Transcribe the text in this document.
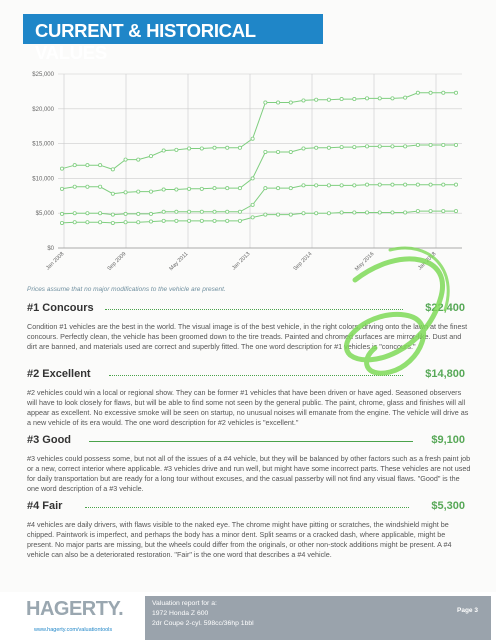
CURRENT & HISTORICAL VALUES
$0
$5,000
$10,000
$15,000
$20,000
$25,000
Jan 2008	Sep 2009	May 2011	Jan 2013	Sep 2014	May 2016	Jan 2018
Prices assume that no major modifications to the vehicle are present.
#1 Concours	$22,400
Condition #1 vehicles are the best in the world. The visual image is of the best vehicle, in the right colors, driving onto the lawn at the finest concours. Perfectly clean, the vehicle has been groomed down to the tire treads. Painted and chromed surfaces are mirror-like. Dust and dirt are banned, and materials used are correct and superbly fitted. The one word description for #1 vehicles is "concours."
#2 Excellent	$14,800
#2 vehicles could win a local or regional show. They can be former #1 vehicles that have been driven or have aged. Seasoned observers will have to look closely for flaws, but will be able to find some not seen by the general public. The paint, chrome, glass and finishes will all appear as excellent. No excessive smoke will be seen on startup, no unusual noises will emanate from the engine. The vehicle will drive as a new vehicle of its era would. The one word description for #2 vehicles is "excellent."
#3 Good	$9,100
#3 vehicles could possess some, but not all of the issues of a #4 vehicle, but they will be balanced by other factors such as a fresh paint job or a new, correct interior where applicable. #3 vehicles drive and run well, but might have some incorrect parts. These vehicles are not used for daily transportation but are ready for a long tour without excuses, and the casual passerby will not find any visual flaws. "Good" is the one word description of a #3 vehicle.
#4 Fair	$5,300
#4 vehicles are daily drivers, with flaws visible to the naked eye. The chrome might have pitting or scratches, the windshield might be chipped. Paintwork is imperfect, and perhaps the body has a minor dent. Split seams or a cracked dash, where applicable, might be present. No major parts are missing, but the wheels could differ from the originals, or other non-stock additions might be present. A #4 vehicle can also be a deteriorated restoration. "Fair" is the one word that describes a #4 vehicle.
HAGERTY.
www.hagerty.com/valuationtools
Valuation report for a:
1972 Honda Z 600
2dr Coupe 2-cyl. 598cc/36hp 1bbl
Page 3
